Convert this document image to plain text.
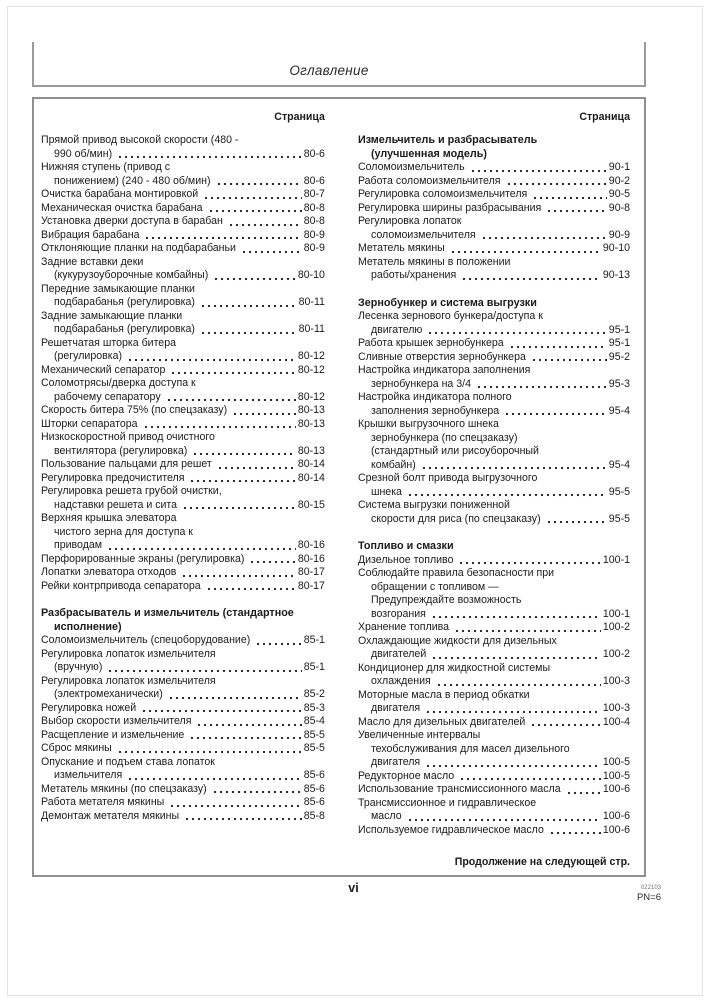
Оглавление
Страница
Прямой привод высокой скорости (480 -
990 об/мин)	80-6
Нижняя ступень (привод с
понижением) (240 - 480 об/мин)	80-6
Очистка барабана монтировкой	80-7
Механическая очистка барабана	80-8
Установка дверки доступа в барабан	80-8
Вибрация барабана	80-9
Отклоняющие планки на подбарабаньи	80-9
Задние вставки деки
(кукурузоуборочные комбайны)	80-10
Передние замыкающие планки
подбарабанья (регулировка)	80-11
Задние замыкающие планки
подбарабанья (регулировка)	80-11
Решетчатая шторка битера
(регулировка)	80-12
Механический сепаратор	80-12
Соломотрясы/дверка доступа к
рабочему сепаратору	80-12
Скорость битера 75% (по спецзаказу)	80-13
Шторки сепаратора	80-13
Низкоскоростной привод очистного
вентилятора (регулировка)	80-13
Пользование пальцами для решет	80-14
Регулировка предочистителя	80-14
Регулировка решета грубой очистки,
надставки решета и сита	80-15
Верхняя крышка элеватора
чистого зерна для доступа к
приводам	80-16
Перфорированные экраны (регулировка)	80-16
Лопатки элеватора отходов	80-17
Рейки контрпривода сепаратора	80-17
Разбрасыватель и измельчитель (стандартное
исполнение)
Соломоизмельчитель (спецоборудование)	85-1
Регулировка лопаток измельчителя
(вручную)	85-1
Регулировка лопаток измельчителя
(электромеханически)	85-2
Регулировка ножей	85-3
Выбор скорости измельчителя	85-4
Расщепление и измельчение	85-5
Сброс мякины	85-5
Опускание и подъем става лопаток
измельчителя	85-6
Метатель мякины (по спецзаказу)	85-6
Работа метателя мякины	85-6
Демонтаж метателя мякины	85-8
Страница
Измельчитель и разбрасыватель
(улучшенная модель)
Соломоизмельчитель	90-1
Работа соломоизмельчителя	90-2
Регулировка соломоизмельчителя	90-5
Регулировка ширины разбрасывания	90-8
Регулировка лопаток
соломоизмельчителя	90-9
Метатель мякины	90-10
Метатель мякины в положении
работы/хранения	90-13
Зернобункер и система выгрузки
Лесенка зернового бункера/доступа к
двигателю	95-1
Работа крышек зернобункера	95-1
Сливные отверстия зернобункера	95-2
Настройка индикатора заполнения
зернобункера на 3/4	95-3
Настройка индикатора полного
заполнения зернобункера	95-4
Крышки выгрузочного шнека
зернобункера (по спецзаказу)
(стандартный или рисоуборочный
комбайн)	95-4
Срезной болт привода выгрузочного
шнека	95-5
Система выгрузки пониженной
скорости для риса (по спецзаказу)	95-5
Топливо и смазки
Дизельное топливо	100-1
Соблюдайте правила безопасности при
обращении с топливом —
Предупреждайте возможность
возгорания	100-1
Хранение топлива	100-2
Охлаждающие жидкости для дизельных
двигателей	100-2
Кондиционер для жидкостной системы
охлаждения	100-3
Моторные масла в период обкатки
двигателя	100-3
Масло для дизельных двигателей	100-4
Увеличенные интервалы
техобслуживания для масел дизельного
двигателя	100-5
Редукторное масло	100-5
Использование трансмиссионного масла	100-6
Трансмиссионное и гидравлическое
масло	100-6
Используемое гидравлическое масло	100-6
Продолжение на следующей стр.
vi	022103
PN=6
